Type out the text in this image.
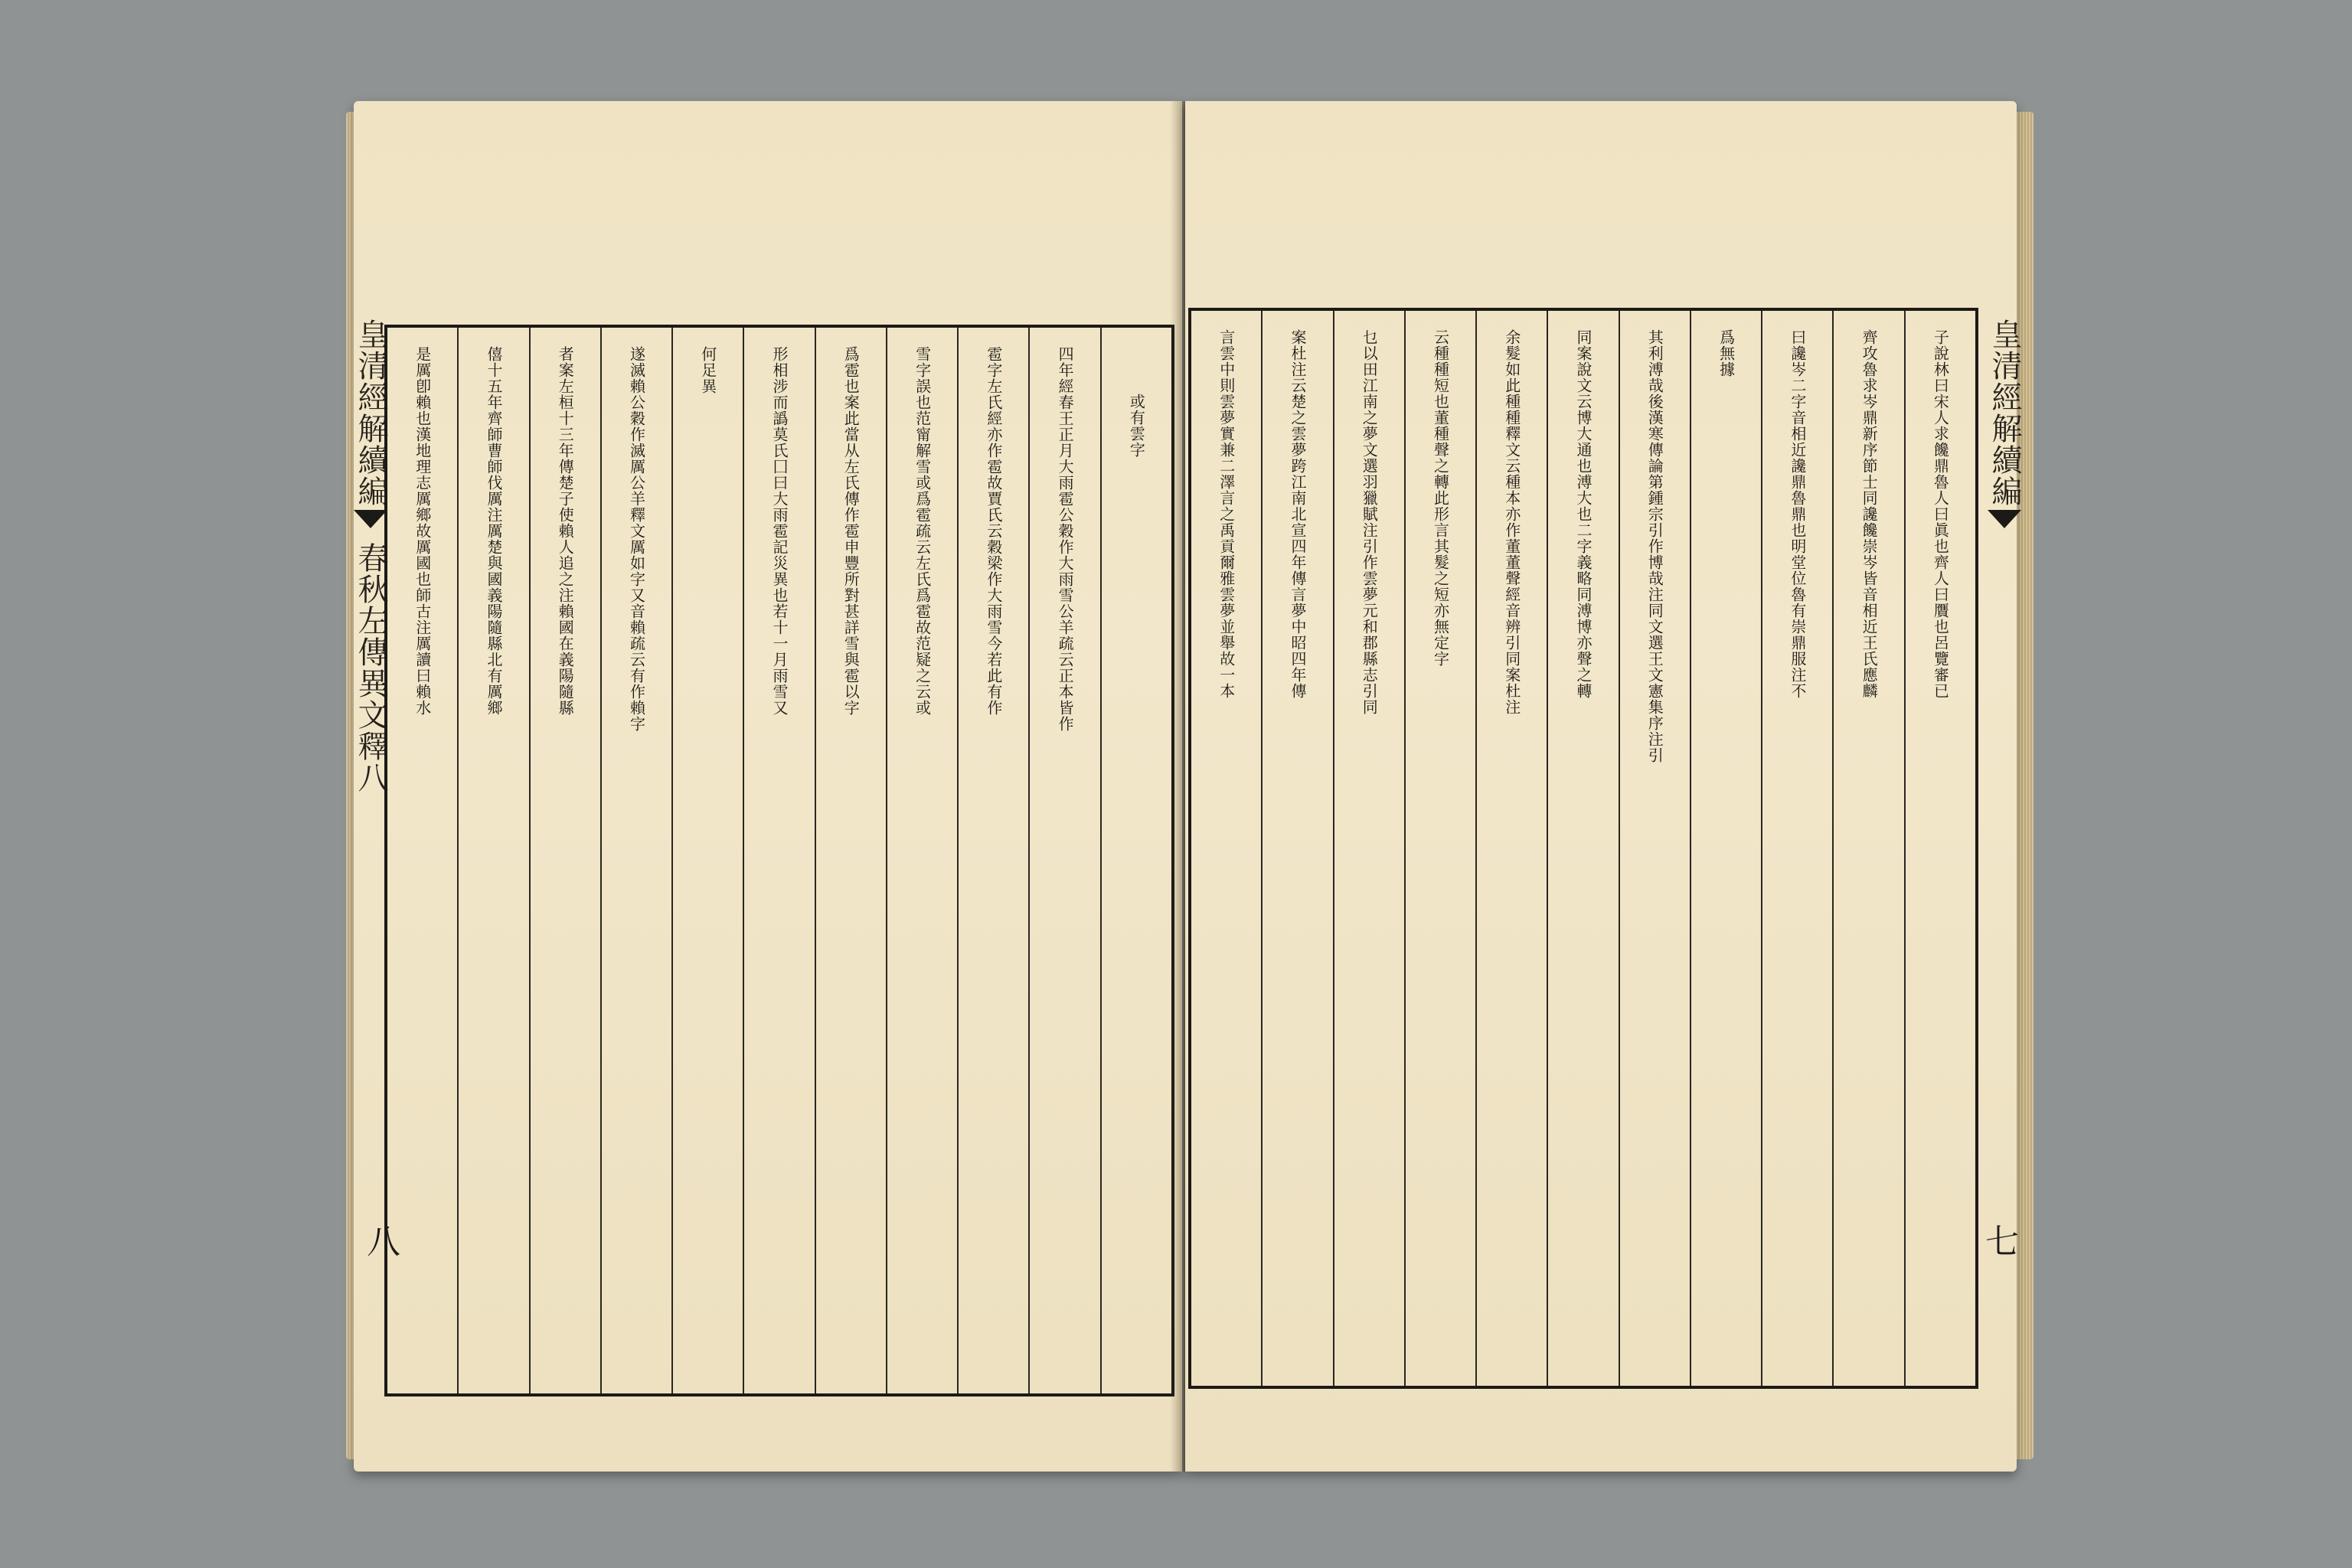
皇清經解續編
春秋左傳異文釋八
八
或有雲字
四年經春王正月大雨雹公穀作大雨雪公羊疏云正本皆作
雹字左氏經亦作雹故賈氏云穀梁作大雨雪今若此有作
雪字誤也范甯解雪或爲雹疏云左氏爲雹故范疑之云或
爲雹也案此當从左氏傳作雹申豐所對甚詳雪與雹以字
形相涉而譌莫氏囗曰大雨雹記災異也若十一月雨雪又
何足異
遂滅賴公穀作滅厲公羊釋文厲如字又音賴疏云有作賴字
者案左桓十三年傳楚子使賴人追之注賴國在義陽隨縣
僖十五年齊師曹師伐厲注厲楚與國義陽隨縣北有厲鄉
是厲卽賴也漢地理志厲鄉故厲國也師古注厲讀曰賴水	皇清經解續編
七
子說林曰宋人求饞鼎魯人曰眞也齊人曰贋也呂覽審已
齊攻魯求岑鼎新序節士同讒饞崇岑皆音相近王氏應麟
曰讒岑二字音相近讒鼎魯鼎也明堂位魯有崇鼎服注不
爲無據
其利溥哉後漢寒傳論第鍾宗引作博哉注同文選王文憲集序注引
同案說文云博大通也溥大也二字義略同溥博亦聲之轉
余髮如此種種釋文云種本亦作董董聲經音辨引同案杜注
云種種短也董種聲之轉此形言其髮之短亦無定字
乜以田江南之夢文選羽獵賦注引作雲夢元和郡縣志引同
案杜注云楚之雲夢跨江南北宣四年傳言夢中昭四年傳
言雲中則雲夢實兼二澤言之禹貢爾雅雲夢並舉故一本
